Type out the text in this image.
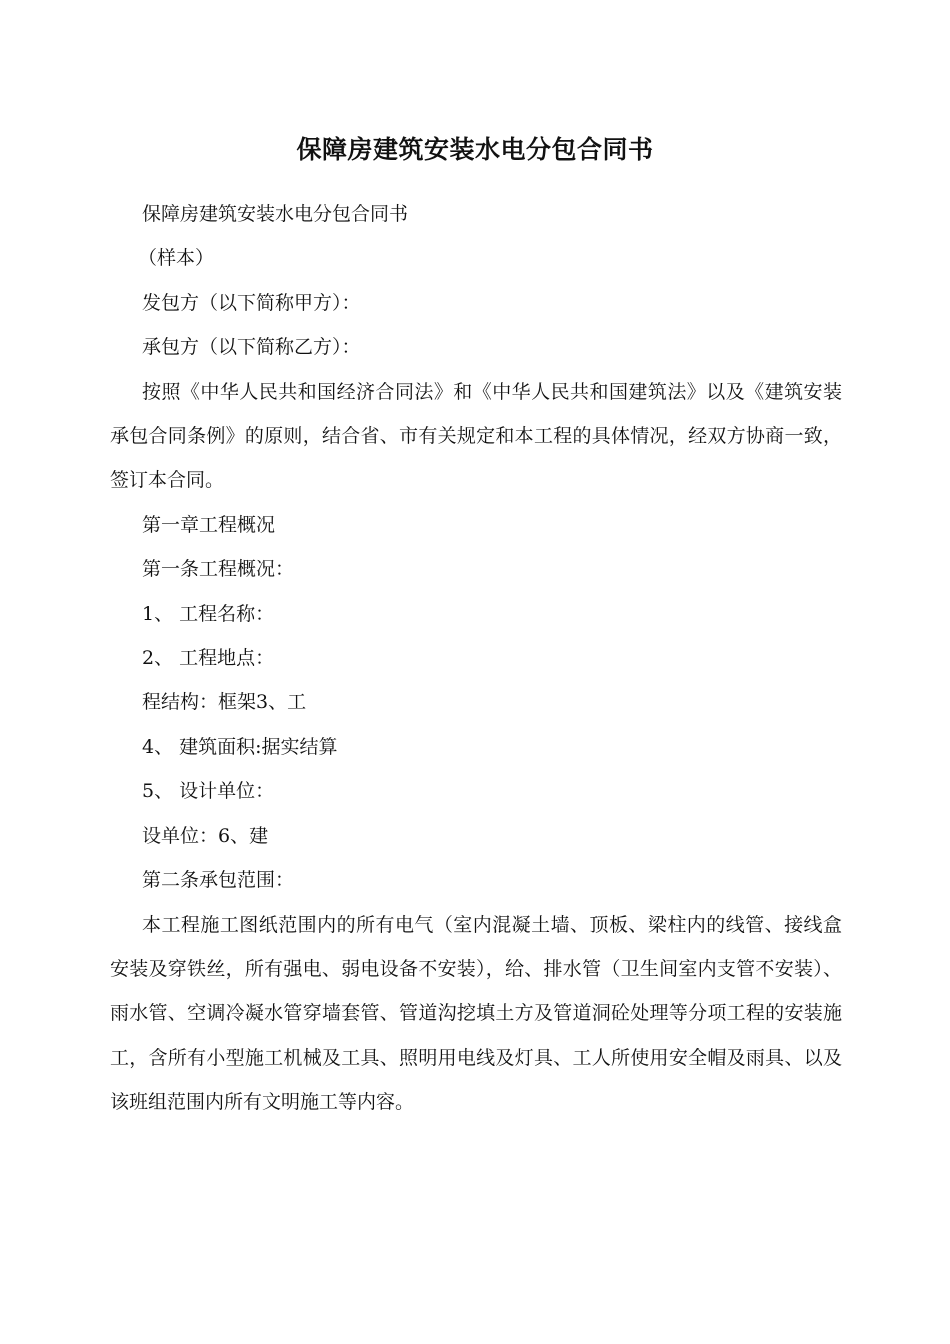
保障房建筑安装水电分包合同书

保障房建筑安装水电分包合同书

（样本）

发包方（以下简称甲方）：

承包方（以下简称乙方）：

按照《中华人民共和国经济合同法》和《中华人民共和国建筑法》以及《建筑安装承包合同条例》的原则，结合省、市有关规定和本工程的具体情况，经双方协商一致，签订本合同。

第一章工程概况

第一条工程概况：

1、 工程名称：

2、 工程地点：

程结构：框架3、工

4、 建筑面积:据实结算

5、 设计单位：

设单位：6、建

第二条承包范围：

本工程施工图纸范围内的所有电气（室内混凝土墙、顶板、梁柱内的线管、接线盒安装及穿铁丝，所有强电、弱电设备不安装），给、排水管（卫生间室内支管不安装）、雨水管、空调冷凝水管穿墙套管、管道沟挖填土方及管道洞砼处理等分项工程的安装施工，含所有小型施工机械及工具、照明用电线及灯具、工人所使用安全帽及雨具、以及该班组范围内所有文明施工等内容。
